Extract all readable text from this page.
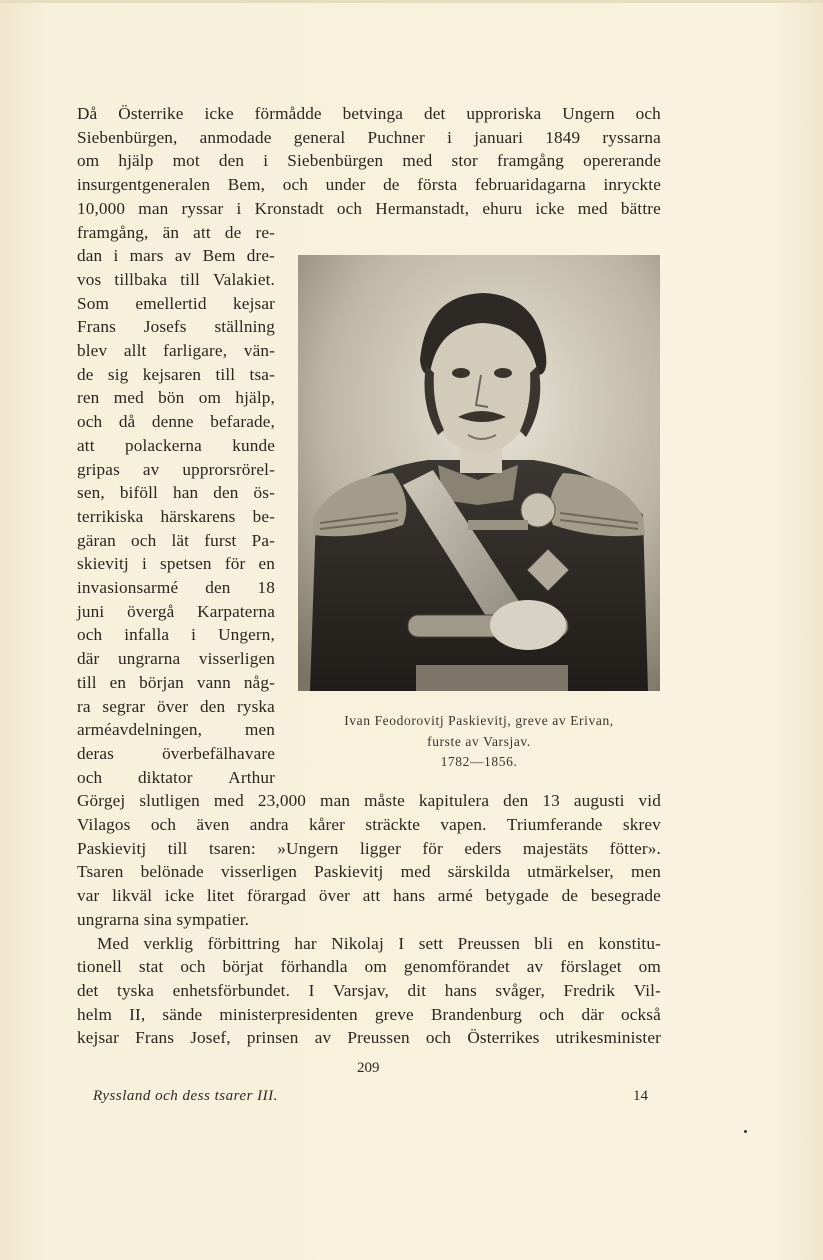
Då Österrike icke förmådde betvinga det upproriska Ungern och
Siebenbürgen, anmodade general Puchner i januari 1849 ryssarna
om hjälp mot den i Siebenbürgen med stor framgång opererande
insurgentgeneralen Bem, och under de första februaridagarna inryckte
10,000 man ryssar i Kronstadt och Hermanstadt, ehuru icke med bättre
framgång, än att de re-
dan i mars av Bem dre-
vos tillbaka till Valakiet.
Som emellertid kejsar
Frans Josefs ställning
blev allt farligare, vän-
de sig kejsaren till tsa-
ren med bön om hjälp,
och då denne befarade,
att polackerna kunde
gripas av upprorsrörel-
sen, biföll han den ös-
terrikiska härskarens be-
gäran och lät furst Pa-
skievitj i spetsen för en
invasionsarmé den 18
juni övergå Karpaterna
och infalla i Ungern,
där ungrarna visserligen
till en början vann någ-
ra segrar över den ryska
arméavdelningen, men
deras	överbefälhavare
och diktator Arthur
Görgej slutligen med 23,000 man måste kapitulera den 13 augusti vid
Vilagos och även andra kårer sträckte vapen. Triumferande skrev
Paskievitj till tsaren: »Ungern ligger för eders majestäts fötter».
Tsaren belönade visserligen Paskievitj med särskilda utmärkelser, men
var likväl icke litet förargad över att hans armé betygade de besegrade
ungrarna sina sympatier.
Med verklig förbittring har Nikolaj I sett Preussen bli en konstitu-
tionell stat och börjat förhandla om genomförandet av förslaget om
det tyska enhetsförbundet. I Varsjav, dit hans svåger, Fredrik Vil-
helm II, sände ministerpresidenten greve Brandenburg och där också
kejsar Frans Josef, prinsen av Preussen och Österrikes utrikesminister
Ivan Feodorovitj Paskievitj, greve av Erivan,
furste av Varsjav.
1782—1856.
209
Ryssland och dess tsarer III.	14
